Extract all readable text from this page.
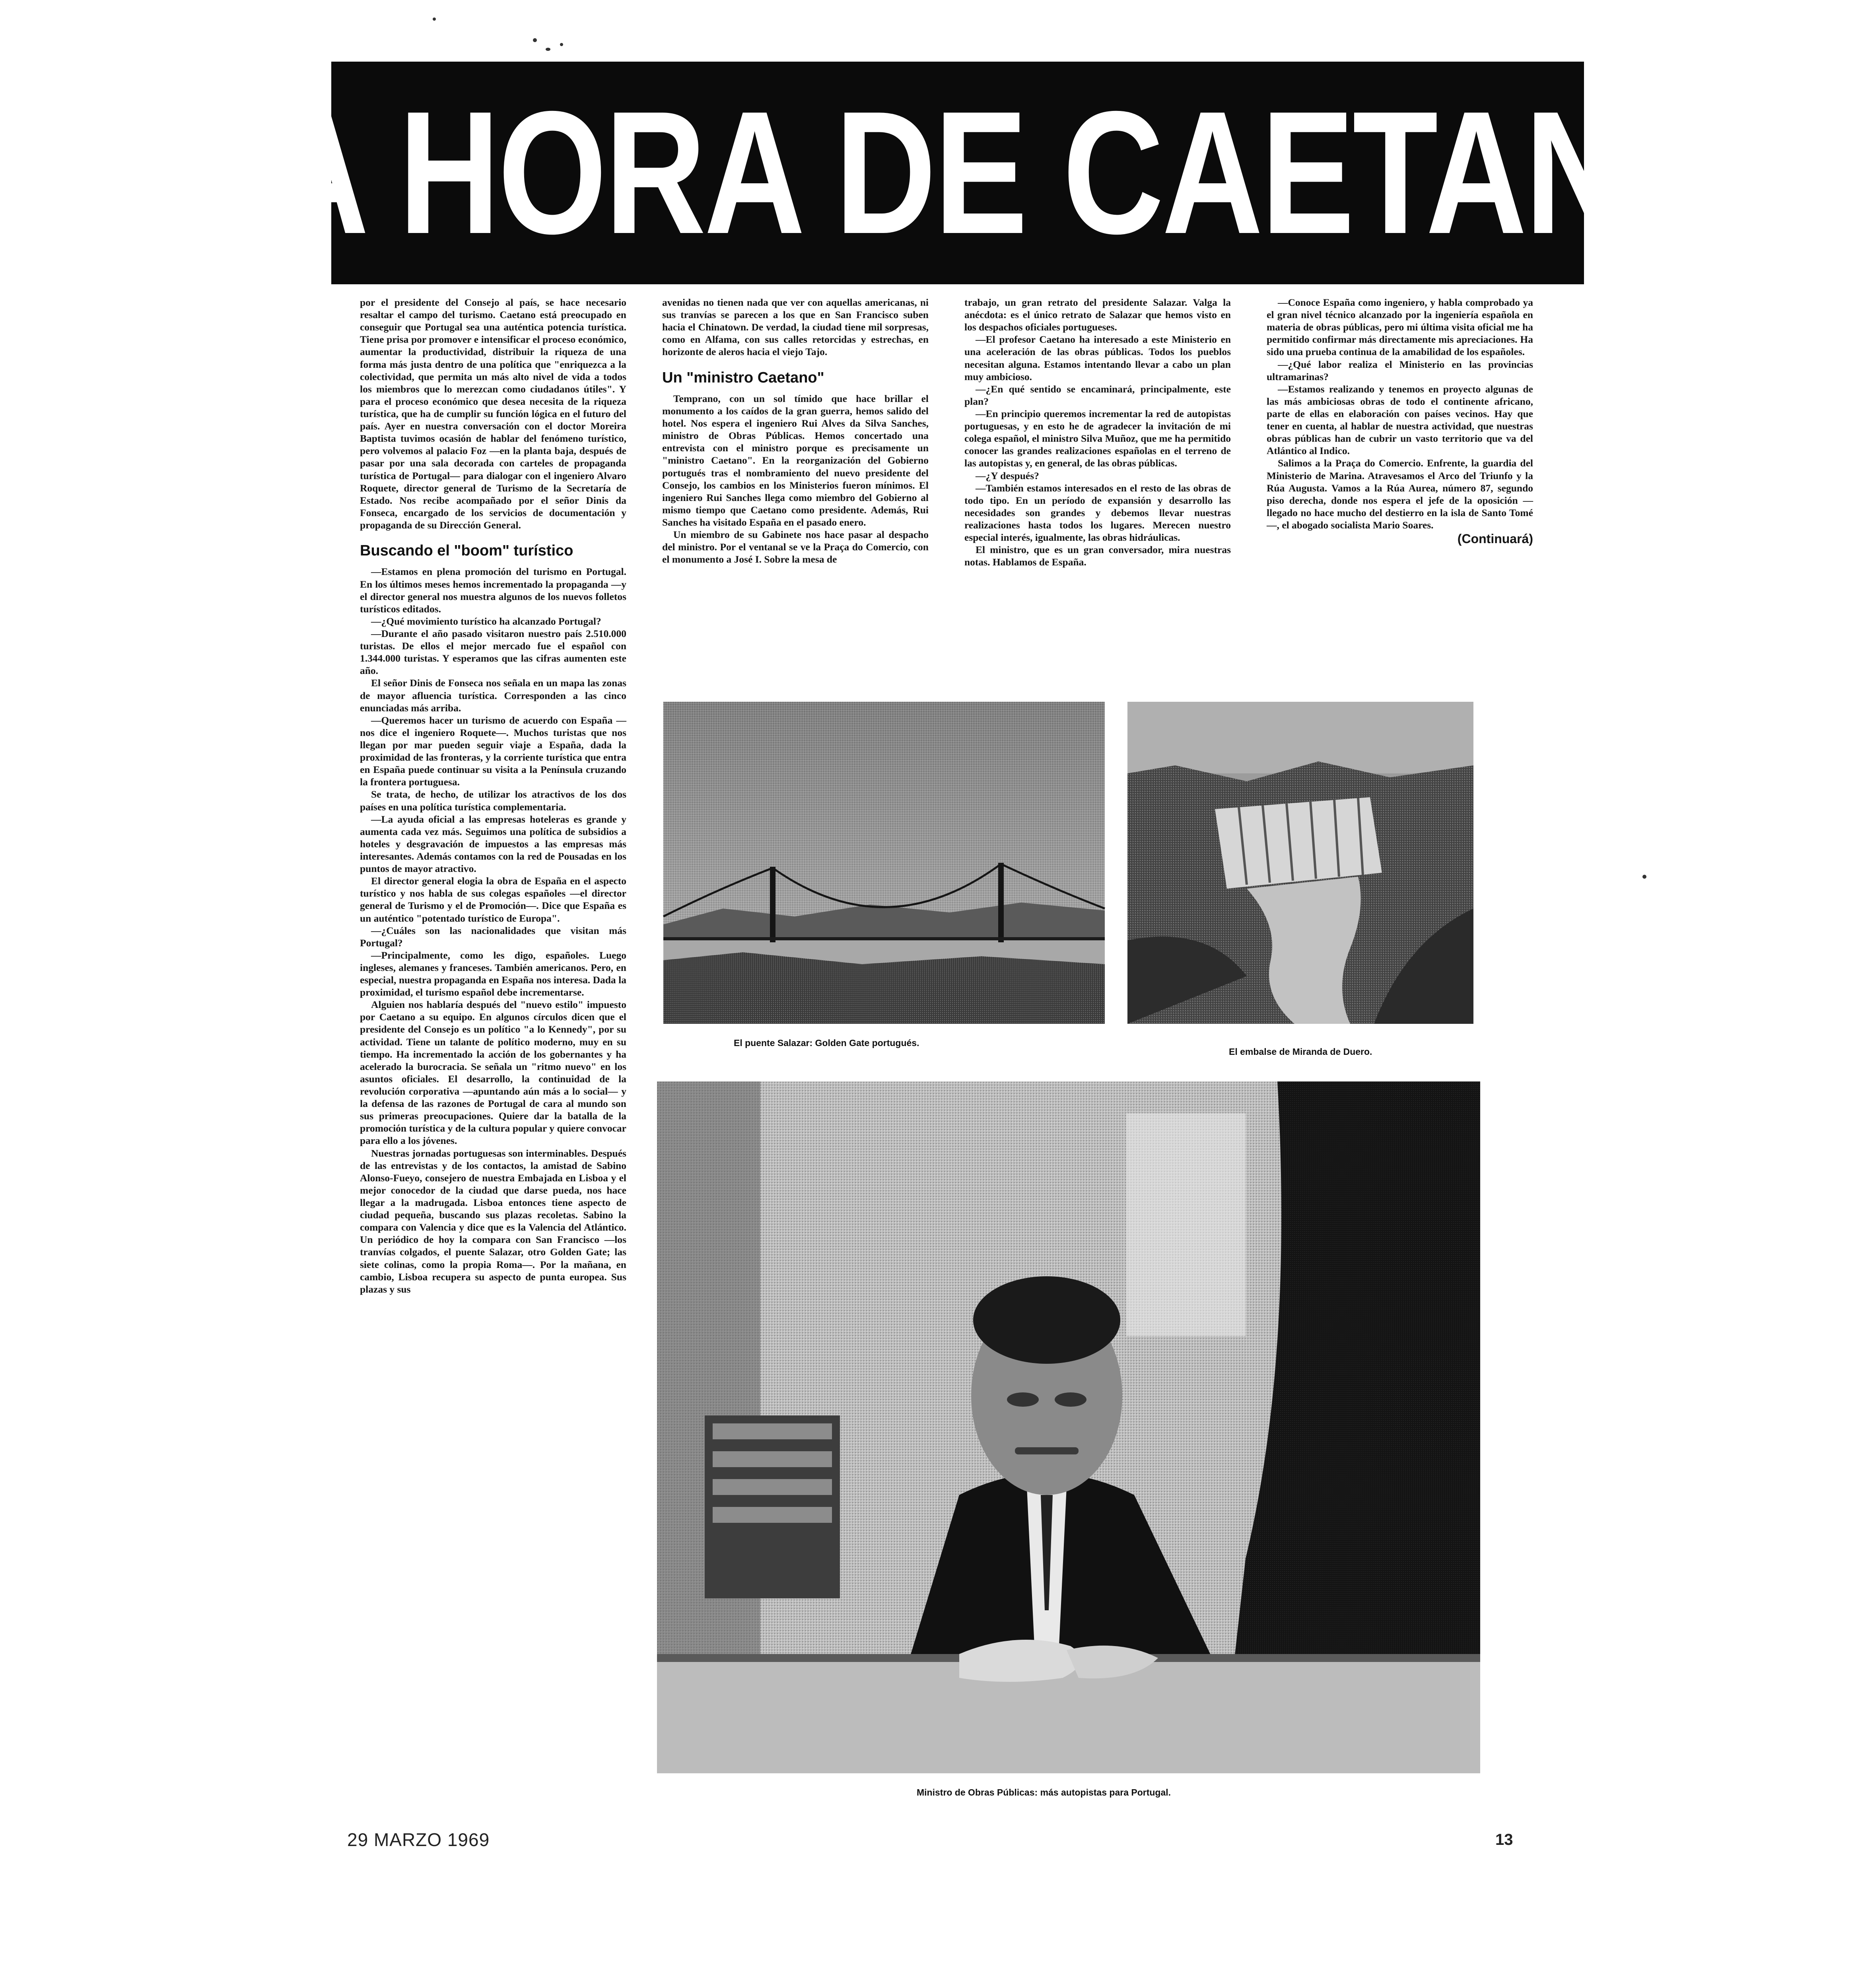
LA HORA DE CAETANO

por el presidente del Consejo al país, se hace necesario resaltar el campo del turismo. Caetano está preocupado en conseguir que Portugal sea una auténtica potencia turística. Tiene prisa por promover e intensificar el proceso económico, aumentar la productividad, distribuir la riqueza de una forma más justa dentro de una política que "enriquezca a la colectividad, que permita un más alto nivel de vida a todos los miembros que lo merezcan como ciudadanos útiles". Y para el proceso económico que desea necesita de la riqueza turística, que ha de cumplir su función lógica en el futuro del país. Ayer en nuestra conversación con el doctor Moreira Baptista tuvimos ocasión de hablar del fenómeno turístico, pero volvemos al palacio Foz —en la planta baja, después de pasar por una sala decorada con carteles de propaganda turística de Portugal— para dialogar con el ingeniero Alvaro Roquete, director general de Turismo de la Secretaría de Estado. Nos recibe acompañado por el señor Dinis da Fonseca, encargado de los servicios de documentación y propaganda de su Dirección General.

Buscando el "boom" turístico

—Estamos en plena promoción del turismo en Portugal. En los últimos meses hemos incrementado la propaganda —y el director general nos muestra algunos de los nuevos folletos turísticos editados.

—¿Qué movimiento turístico ha alcanzado Portugal?

—Durante el año pasado visitaron nuestro país 2.510.000 turistas. De ellos el mejor mercado fue el español con 1.344.000 turistas. Y esperamos que las cifras aumenten este año.

El señor Dinis de Fonseca nos señala en un mapa las zonas de mayor afluencia turística. Corresponden a las cinco enunciadas más arriba.

—Queremos hacer un turismo de acuerdo con España —nos dice el ingeniero Roquete—. Muchos turistas que nos llegan por mar pueden seguir viaje a España, dada la proximidad de las fronteras, y la corriente turística que entra en España puede continuar su visita a la Península cruzando la frontera portuguesa.

Se trata, de hecho, de utilizar los atractivos de los dos países en una política turística complementaria.

—La ayuda oficial a las empresas hoteleras es grande y aumenta cada vez más. Seguimos una política de subsidios a hoteles y desgravación de impuestos a las empresas más interesantes. Además contamos con la red de Pousadas en los puntos de mayor atractivo.

El director general elogia la obra de España en el aspecto turístico y nos habla de sus colegas españoles —el director general de Turismo y el de Promoción—. Dice que España es un auténtico "potentado turístico de Europa".

—¿Cuáles son las nacionalidades que visitan más Portugal?

—Principalmente, como les digo, españoles. Luego ingleses, alemanes y franceses. También americanos. Pero, en especial, nuestra propaganda en España nos interesa. Dada la proximidad, el turismo español debe incrementarse.

Alguien nos hablaría después del "nuevo estilo" impuesto por Caetano a su equipo. En algunos círculos dicen que el presidente del Consejo es un político "a lo Kennedy", por su actividad. Tiene un talante de político moderno, muy en su tiempo. Ha incrementado la acción de los gobernantes y ha acelerado la burocracia. Se señala un "ritmo nuevo" en los asuntos oficiales. El desarrollo, la continuidad de la revolución corporativa —apuntando aún más a lo social— y la defensa de las razones de Portugal de cara al mundo son sus primeras preocupaciones. Quiere dar la batalla de la promoción turística y de la cultura popular y quiere convocar para ello a los jóvenes.

Nuestras jornadas portuguesas son interminables. Después de las entrevistas y de los contactos, la amistad de Sabino Alonso-Fueyo, consejero de nuestra Embajada en Lisboa y el mejor conocedor de la ciudad que darse pueda, nos hace llegar a la madrugada. Lisboa entonces tiene aspecto de ciudad pequeña, buscando sus plazas recoletas. Sabino la compara con Valencia y dice que es la Valencia del Atlántico. Un periódico de hoy la compara con San Francisco —los tranvías colgados, el puente Salazar, otro Golden Gate; las siete colinas, como la propia Roma—. Por la mañana, en cambio, Lisboa recupera su aspecto de punta europea. Sus plazas y sus

avenidas no tienen nada que ver con aquellas americanas, ni sus tranvías se parecen a los que en San Francisco suben hacia el Chinatown. De verdad, la ciudad tiene mil sorpresas, como en Alfama, con sus calles retorcidas y estrechas, en horizonte de aleros hacia el viejo Tajo.

Un "ministro Caetano"

Temprano, con un sol tímido que hace brillar el monumento a los caídos de la gran guerra, hemos salido del hotel. Nos espera el ingeniero Rui Alves da Silva Sanches, ministro de Obras Públicas. Hemos concertado una entrevista con el ministro porque es precisamente un "ministro Caetano". En la reorganización del Gobierno portugués tras el nombramiento del nuevo presidente del Consejo, los cambios en los Ministerios fueron mínimos. El ingeniero Rui Sanches llega como miembro del Gobierno al mismo tiempo que Caetano como presidente. Además, Rui Sanches ha visitado España en el pasado enero.

Un miembro de su Gabinete nos hace pasar al despacho del ministro. Por el ventanal se ve la Praça do Comercio, con el monumento a José I. Sobre la mesa de

trabajo, un gran retrato del presidente Salazar. Valga la anécdota: es el único retrato de Salazar que hemos visto en los despachos oficiales portugueses.

—El profesor Caetano ha interesado a este Ministerio en una aceleración de las obras públicas. Todos los pueblos necesitan alguna. Estamos intentando llevar a cabo un plan muy ambicioso.

—¿En qué sentido se encaminará, principalmente, este plan?

—En principio queremos incrementar la red de autopistas portuguesas, y en esto he de agradecer la invitación de mi colega español, el ministro Silva Muñoz, que me ha permitido conocer las grandes realizaciones españolas en el terreno de las autopistas y, en general, de las obras públicas.

—¿Y después?

—También estamos interesados en el resto de las obras de todo tipo. En un período de expansión y desarrollo las necesidades son grandes y debemos llevar nuestras realizaciones hasta todos los lugares. Merecen nuestro especial interés, igualmente, las obras hidráulicas.

El ministro, que es un gran conversador, mira nuestras notas. Hablamos de España.

—Conoce España como ingeniero, y habla comprobado ya el gran nivel técnico alcanzado por la ingeniería española en materia de obras públicas, pero mi última visita oficial me ha permitido confirmar más directamente mis apreciaciones. Ha sido una prueba continua de la amabilidad de los españoles.

—¿Qué labor realiza el Ministerio en las provincias ultramarinas?

—Estamos realizando y tenemos en proyecto algunas de las más ambiciosas obras de todo el continente africano, parte de ellas en elaboración con países vecinos. Hay que tener en cuenta, al hablar de nuestra actividad, que nuestras obras públicas han de cubrir un vasto territorio que va del Atlántico al Indico.

Salimos a la Praça do Comercio. Enfrente, la guardia del Ministerio de Marina. Atravesamos el Arco del Triunfo y la Rúa Augusta. Vamos a la Rúa Aurea, número 87, segundo piso derecha, donde nos espera el jefe de la oposición —llegado no hace mucho del destierro en la isla de Santo Tomé—, el abogado socialista Mario Soares.

(Continuará)

El puente Salazar: Golden Gate portugués.
El embalse de Miranda de Duero.
Ministro de Obras Públicas: más autopistas para Portugal.
29 MARZO 1969	13
